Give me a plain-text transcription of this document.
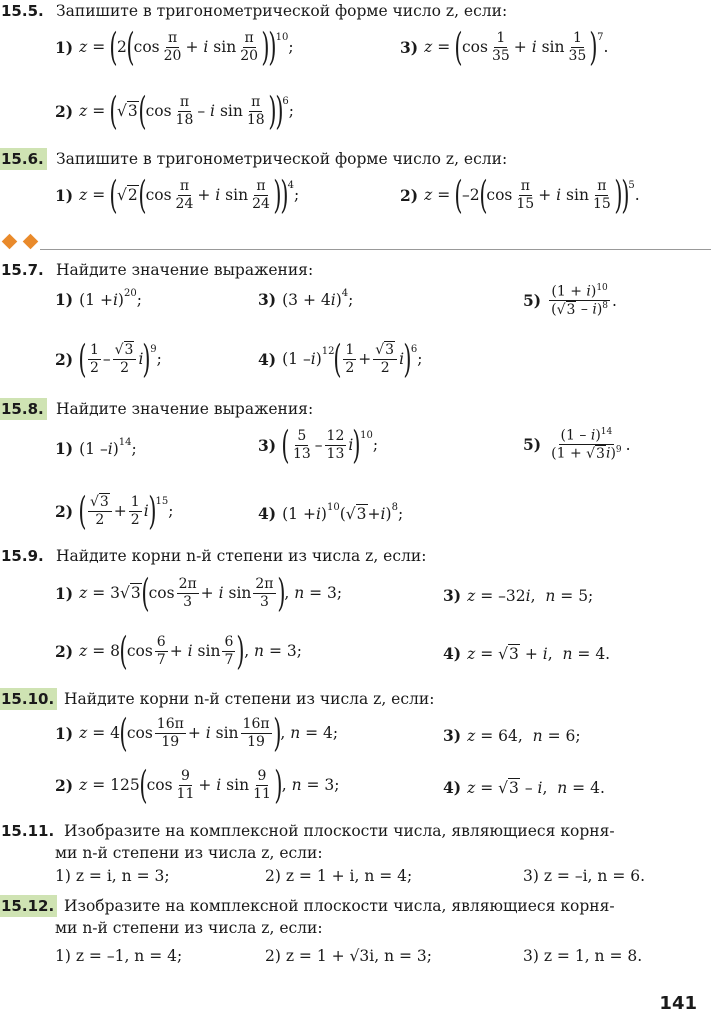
15.5. Запишите в тригонометрической форме число z, если:
1) z = ( 2 ( $\cos \frac{\pi}{20} + i$ $\sin \frac{\pi}{20}$ )
)$^{10}$
;	3) z = ( $\cos \frac{1}{35} + i$ $\sin \frac{1}{35} )^7$
.
2) z = ( √3 ( $\cos \frac{\pi}{18}$ – i $\sin \frac{\pi}{18}$ )
)$^6$
;
15.6. Запишите в тригонометрической форме число z, если:
1) z = ( √2 ( $\cos \frac{\pi}{24} + i$ $\sin \frac{\pi}{24}$ )
)$^4$
;	2) z = ( –2 ( $\cos \frac{\pi}{15} + i$ $\sin \frac{\pi}{15}$ )
)$^5$
.
15.7. Найдите значение выражения:
1) (1 + i )$^{20}$ ;	3) (3 + 4 i )$^4$ ;	$5) \frac{(1 + i)^{10}}{(√3 - i)^8}$ .
2) ( $\frac{1}{2} - \frac{√3}{2}$ i )$^9$
;	4) (1 – i )$^{12}$ ( $\frac{1}{2} + \frac{√3}{2}$ i )$^6$
;
15.8. Найдите значение выражения:
1) (1 – i )$^{14}$ ;	3) ( $\frac{5}{13} - \frac{12}{13}$ i )$^{10}$
;	$5) \frac{(1 - i)^{14}}{(1 + √3i)^9}$ .
2) ( $\frac{√3}{2} + \frac{1}{2}$ i )$^{15}$
;	4) (1 + i )$^{10}$ ( √3 + i )$^8$ ;
15.9. Найдите корни n-й степени из числа z, если:
1) z = 3 √3 ( $\cos \frac{2\pi}{3} + i$ $\sin \frac{2\pi}{3}$ ) , n = 3;	3) z = –32 i , n = 5;
2) z = 8 ( $\cos \frac{6}{7} + i$ $\sin \frac{6}{7}$ ) , n = 3;	4) z = √3 + i , n = 4.
15.10. Найдите корни n-й степени из числа z, если:
1) z = 4 ( $\cos \frac{16\pi}{19} + i$ $\sin \frac{16\pi}{19}$ ) , n = 4;	3) z = 64, n = 6;
2) z = 125 ( $\cos \frac{9}{11} + i$ $\sin \frac{9}{11}$ ) , n = 3;	4) z = √3 – i , n = 4.
15.11. Изобразите на комплексной плоскости числа, являющиеся корня-
ми n-й степени из числа z, если:
1) z = i, n = 3;	2) z = 1 + i, n = 4;	3) z = –i, n = 6.
15.12. Изобразите на комплексной плоскости числа, являющиеся корня-
ми n-й степени из числа z, если:
1) z = –1, n = 4;	2) z = 1 + √3i, n = 3;	3) z = 1, n = 8.
141
